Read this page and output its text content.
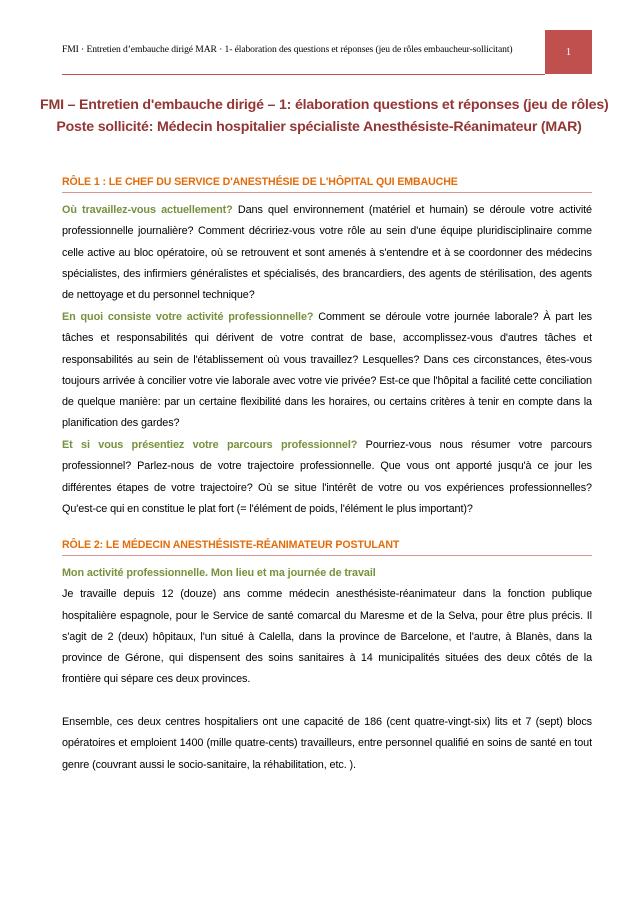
FMI · Entretien d’embauche dirigé MAR · 1- élaboration des questions et réponses (jeu de rôles embaucheur-sollicitant)	1
FMI – Entretien d'embauche dirigé – 1: élaboration questions et réponses (jeu de rôles)
Poste sollicité: Médecin hospitalier spécialiste Anesthésiste-Réanimateur (MAR)
RÔLE 1 : LE CHEF DU SERVICE D'ANESTHÉSIE DE L'HÔPITAL QUI EMBAUCHE
Où travaillez-vous actuellement? Dans quel environnement (matériel et humain) se déroule votre activité professionnelle journalière? Comment décririez-vous votre rôle au sein d'une équipe pluridisciplinaire comme celle active au bloc opératoire, où se retrouvent et sont amenés à s'entendre et à se coordonner des médecins spécialistes, des infirmiers généralistes et spécialisés, des brancardiers, des agents de stérilisation, des agents de nettoyage et du personnel technique?
En quoi consiste votre activité professionnelle? Comment se déroule votre journée laborale? À part les tâches et responsabilités qui dérivent de votre contrat de base, accomplissez-vous d'autres tâches et responsabilités au sein de l'établissement où vous travaillez? Lesquelles? Dans ces circonstances, êtes-vous toujours arrivée à concilier votre vie laborale avec votre vie privée? Est-ce que l'hôpital a facilité cette conciliation de quelque manière: par un certaine flexibilité dans les horaires, ou certains critères à tenir en compte dans la planification des gardes?
Et si vous présentiez votre parcours professionnel? Pourriez-vous nous résumer votre parcours professionnel? Parlez-nous de votre trajectoire professionnelle. Que vous ont apporté jusqu'à ce jour les différentes étapes de votre trajectoire? Où se situe l'intérêt de votre ou vos expériences professionnelles? Qu'est-ce qui en constitue le plat fort (= l'élément de poids, l'élément le plus important)?
RÔLE 2: LE MÉDECIN ANESTHÉSISTE-RÉANIMATEUR POSTULANT
Mon activité professionnelle. Mon lieu et ma journée de travail
Je travaille depuis 12 (douze) ans comme médecin anesthésiste-réanimateur dans la fonction publique hospitalière espagnole, pour le Service de santé comarcal du Maresme et de la Selva, pour être plus précis. Il s'agit de 2 (deux) hôpitaux, l'un situé à Calella, dans la province de Barcelone, et l'autre, à Blanès, dans la province de Gérone, qui dispensent des soins sanitaires à 14 municipalités situées des deux côtés de la frontière qui sépare ces deux provinces.
Ensemble, ces deux centres hospitaliers ont une capacité de 186 (cent quatre-vingt-six) lits et 7 (sept) blocs opératoires et emploient 1400 (mille quatre-cents) travailleurs, entre personnel qualifié en soins de santé en tout genre (couvrant aussi le socio-sanitaire, la réhabilitation, etc. ).
